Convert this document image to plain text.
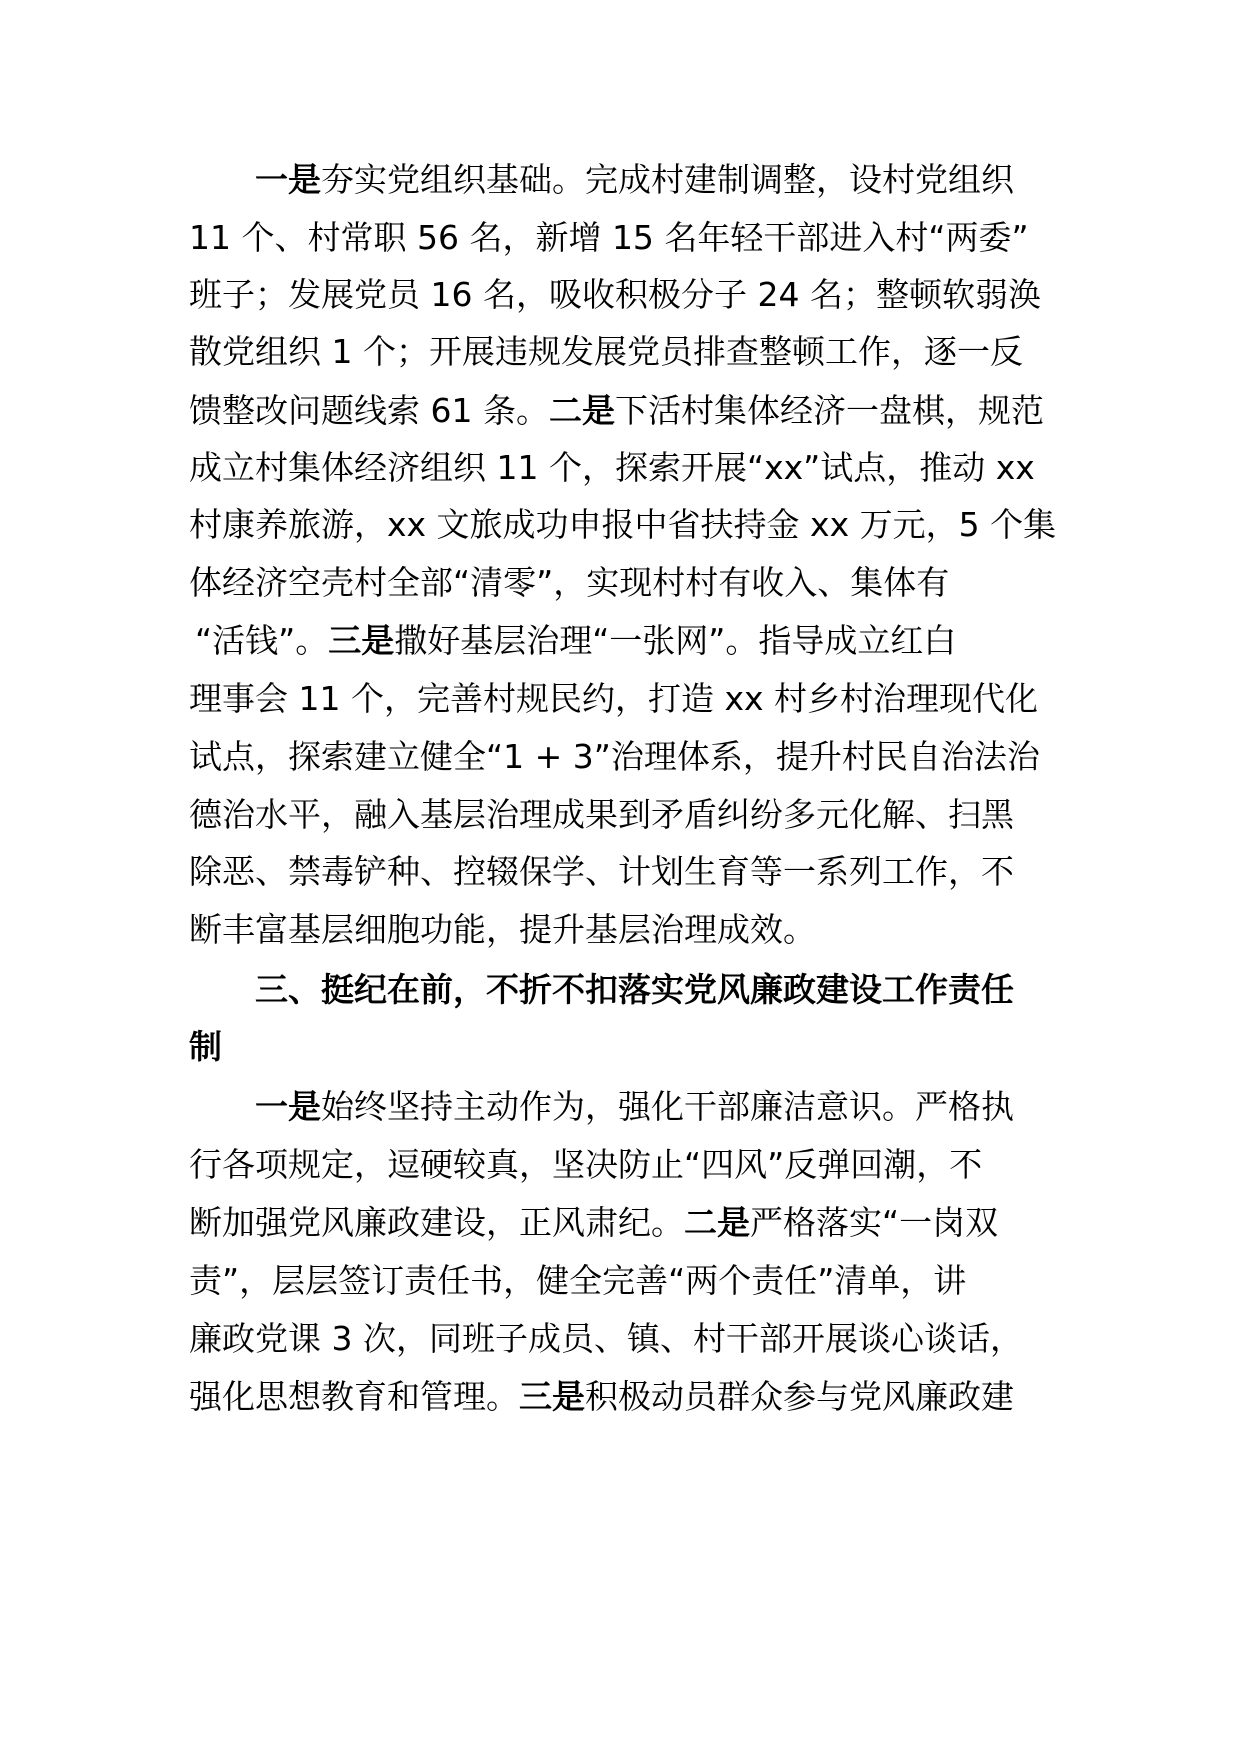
一是夯实党组织基础。完成村建制调整，设村党组织
11 个、村常职 56 名，新增 15 名年轻干部进入村“两委”
班子；发展党员 16 名，吸收积极分子 24 名；整顿软弱涣
散党组织 1 个；开展违规发展党员排查整顿工作，逐一反
馈整改问题线索 61 条。二是下活村集体经济一盘棋，规范
成立村集体经济组织 11 个，探索开展“xx”试点，推动 xx
村康养旅游，xx 文旅成功申报中省扶持金 xx 万元，5 个集
体经济空壳村全部“清零”，实现村村有收入、集体有
“活钱”。三是撒好基层治理“一张网”。指导成立红白
理事会 11 个，完善村规民约，打造 xx 村乡村治理现代化
试点，探索建立健全“1 + 3”治理体系，提升村民自治法治
德治水平，融入基层治理成果到矛盾纠纷多元化解、扫黑
除恶、禁毒铲种、控辍保学、计划生育等一系列工作，不
断丰富基层细胞功能，提升基层治理成效。
三、挺纪在前，不折不扣落实党风廉政建设工作责任
制
一是始终坚持主动作为，强化干部廉洁意识。严格执
行各项规定，逗硬较真，坚决防止“四风”反弹回潮，不
断加强党风廉政建设，正风肃纪。二是严格落实“一岗双
责”，层层签订责任书，健全完善“两个责任”清单，讲
廉政党课 3 次，同班子成员、镇、村干部开展谈心谈话，
强化思想教育和管理。三是积极动员群众参与党风廉政建
